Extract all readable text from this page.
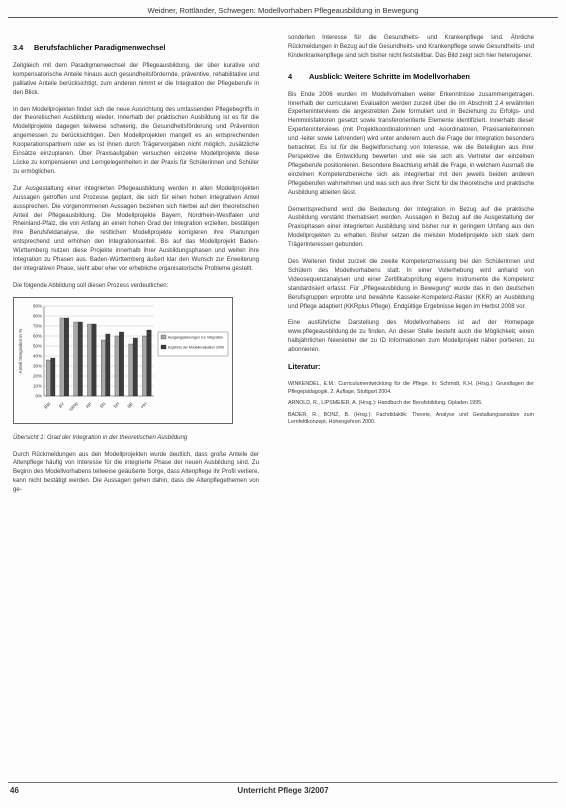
Weidner, Rottländer, Schwegen: Modellvorhaben Pflegeausbildung in Bewegung
3.4 Berufsfachlicher Paradigmenwechsel

Zeitgleich mit dem Paradigmenwechsel der Pflegeausbildung, der über kurative und kompensatorische Anteile hinaus auch gesundheitsfördernde, präventive, rehabilitative und palliative Anteile berücksichtigt, zum anderen nimmt er die Integration der Pflegeberufe in den Blick.

In den Modellprojekten findet sich die neue Ausrichtung des umfassenden Pflegebegriffs in der theoretischen Ausbildung wieder. Innerhalb der praktischen Ausbildung ist es für die Modellprojekte dagegen teilweise schwierig, die Gesundheitsförderung und Prävention angemessen zu berücksichtigen. Den Modellprojekten mangelt es an entsprechenden Kooperationspartnern oder es ist ihnen durch Trägervorgaben nicht möglich, zusätzliche Einsätze einzuplanen. Über Praxisaufgaben versuchen einzelne Modellprojekte diese Lücke zu kompensieren und Lerngelegenheiten in der Praxis für Schülerinnen und Schüler zu ermöglichen.

Zur Ausgestaltung einer integrierten Pflegeausbildung werden in allen Modellprojekten Aussagen getroffen und Prozesse geplant, die sich für einen hohen integrativen Anteil aussprechen. Die vorgenommenen Aussagen beziehen sich hierbei auf den theoretischen Anteil der Pflegeausbildung. Die Modellprojekte Bayern, Nordrhein-Westfalen und Rheinland-Pfalz, die von Anfang an einen hohen Grad der Integration erzielten, bestätigen ihre Berufsfeldanalyse, die restlichen Modellprojekte korrigieren ihre Planungen entsprechend und erhöhen den Integrationsanteil. Bis auf das Modellprojekt Baden-Württemberg nutzen diese Projekte innerhalb ihrer Ausbildungsphasen und weiten ihre Integration zu Phasen aus. Baden-Württemberg äußert klar den Wunsch zur Erweiterung der integrativen Phase, sieht aber eher vor erhebliche organisatorische Probleme gestellt.

Die folgende Abbildung soll diesen Prozess verdeutlichen:

0%
10%
20%
30%
40%
50%
60%
70%
80%
90%
Anteil Integration in %
BW BY NRW RP SN SH BE HH
Ausgangsplanungen zur Integration
Ergebnis der Modellevaluation 2006

Übersicht 1: Grad der Integration in der theoretischen Ausbildung

Durch Rückmeldungen aus den Modellprojekten wurde deutlich, dass große Anteile der Altenpflege häufig von Interesse für die integrierte Phase der neuen Ausbildung sind. Zu Beginn des Modellvorhabens teilweise geäußerte Sorge, dass Altenpflege ihr Profil verliere, kann nicht bestätigt werden. Die Aussagen gehen dahin, dass die Altenpflegethemen von ge-

sonderten Interesse für die Gesundheits- und Krankenpflege sind. Ähnliche Rückmeldungen in Bezug auf die Gesundheits- und Krankenpflege sowie Gesundheits- und Kinderkrankenpflege sind sich bisher nicht feststellbar. Das Bild zeigt sich hier heterogener.

4 Ausblick: Weitere Schritte im Modellvorhaben

Bis Ende 2006 wurden im Modellvorhaben weiter Erkenntnisse zusammengetragen. Innerhalb der curricularen Evaluation werden zurzeit über die im Abschnitt 2.4 erwähnten Experteninterviews die angestrebten Ziele formuliert und in Beziehung zu Erfolgs- und Hemmnisfaktoren gesetzt sowie transferorientierte Elemente identifiziert. Innerhalb dieser Experteninterviews (mit Projektkoordinatorinnen und -koordinatoren, Praxisanleiterinnen und -leiter sowie Lehrenden) wird unter anderem auch die Frage der Integration besonders betrachtet. Es ist für die Begleitforschung von Interesse, wie die Beteiligten aus ihrer Perspektive die Entwicklung bewerten und wie sie sich als Vertreter der einzelnen Pflegeberufe positionieren. Besondere Beachtung erhält die Frage, in welchem Ausmaß die einzelnen Kompetenzbereiche sich als integrierbar mit den jeweils beiden anderen Pflegeberufen wahrnehmen und was sich aus ihrer Sicht für die theoretische und praktische Ausbildung ableiten lässt.

Dementsprechend wird die Bedeutung der Integration in Bezug auf die praktische Ausbildung verstärkt thematisiert werden. Aussagen in Bezug auf die Ausgestaltung der Praxisphasen einer integrierten Ausbildung sind bisher nur in geringem Umfang aus den Modellprojekten zu erhalten. Bisher setzen die meisten Modellprojekte sich stark dem Trägerinteressen gebunden.

Des Weiteren findet zurzeit die zweite Kompetenzmessung bei den Schülerinnen und Schülern des Modellvorhabens statt. In einer Vollerhebung wird anhand von Videosequenzanalysen und einer Zertifikatsprüfung eigens Instrumente die Kompetenz standardisiert erfasst. Für „Pflegeausbildung in Bewegung“ wurde das in den deutschen Berufsgruppen erprobte und bewährte Kasseler-Kompetenz-Raster (KKR) an Ausbildung und Pflege adaptiert (KKRplus Pflege). Endgültige Ergebnisse liegen im Herbst 2008 vor.

Eine ausführliche Darstellung des Modellvorhabens ist auf der Homepage www.pflegeausbildung.de zu finden. An dieser Stelle besteht auch die Möglichkeit, einen halbjährlichen Newsletter der zu ID Informationen zum Modellprojekt näher portieren, zu abonnieren.

Literatur:

WINKENDEL, E.M.: Curriculumentwicklung für die Pflege. In: Schmidt, K.H. (Hrsg.): Grundlagen der Pflegepädagogik. 2. Auflage, Stuttgart 2004.

ARNOLD, R., LIPSMEIER, A. (Hrsg.): Handbuch der Berufsbildung. Opladen 1995.

BADER, R., BONZ, B. (Hrsg.): Fachdidaktik: Theorie, Analyse und Gestaltungsansätze zum Lernfeldkonzept. Hohengehren 2000.

46	Unterricht Pflege 3/2007
